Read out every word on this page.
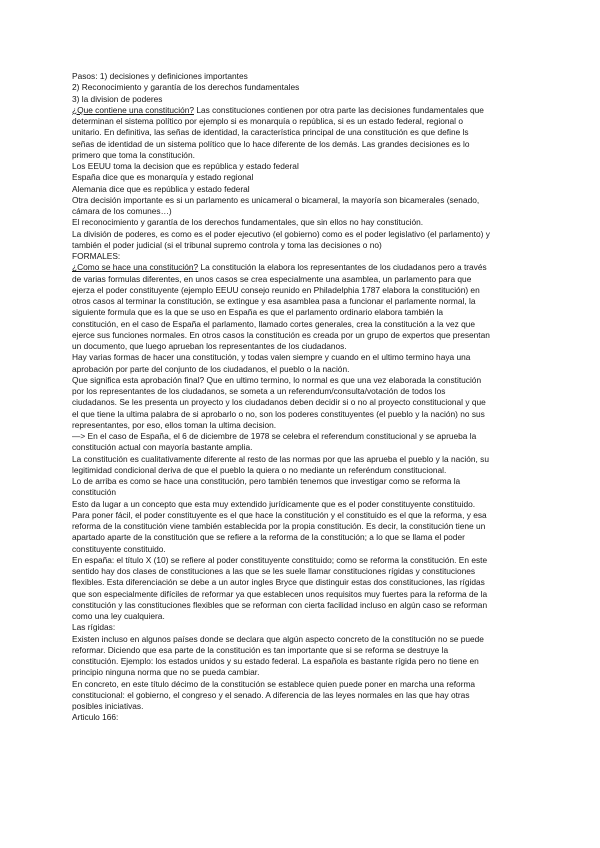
Pasos: 1) decisiones y definiciones importantes
2) Reconocimiento y garantía de los derechos fundamentales
3) la division de poderes
¿Que contiene una constitución? Las constituciones contienen por otra parte las decisiones fundamentales que
determinan el sistema político por ejemplo si es monarquía o república, si es un estado federal, regional o
unitario. En definitiva, las señas de identidad, la característica principal de una constitución es que define ls
señas de identidad de un sistema político que lo hace diferente de los demás. Las grandes decisiones es lo
primero que toma la constitución.
Los EEUU toma la decision que es república y estado federal
España dice que es monarquía y estado regional
Alemania dice que es república y estado federal
Otra decisión importante es si un parlamento es unicameral o bicameral, la mayoría son bicamerales (senado,
cámara de los comunes…)
El reconocimiento y garantía de los derechos fundamentales, que sin ellos no hay constitución.
La división de poderes, es como es el poder ejecutivo (el gobierno) como es el poder legislativo (el parlamento) y
también el poder judicial (si el tribunal supremo controla y toma las decisiones o no)
FORMALES:
¿Como se hace una constitución? La constitución la elabora los representantes de los ciudadanos pero a través
de varias formulas diferentes, en unos casos se crea especialmente una asamblea, un parlamento para que
ejerza el poder constituyente (ejemplo EEUU consejo reunido en Philadelphia 1787 elabora la constitución) en
otros casos al terminar la constitución, se extingue y esa asamblea pasa a funcionar el parlamente normal, la
siguiente formula que es la que se uso en España es que el parlamento ordinario elabora también la
constitución, en el caso de España el parlamento, llamado cortes generales, crea la constitución a la vez que
ejerce sus funciones normales. En otros casos la constitución es creada por un grupo de expertos que presentan
un documento, que luego aprueban los representantes de los ciudadanos.
Hay varias formas de hacer una constitución, y todas valen siempre y cuando en el ultimo termino haya una
aprobación por parte del conjunto de los ciudadanos, el pueblo o la nación.
Que significa esta aprobación final? Que en ultimo termino, lo normal es que una vez elaborada la constitución
por los representantes de los ciudadanos, se someta a un referendum/consulta/votación de todos los
ciudadanos. Se les presenta un proyecto y los ciudadanos deben decidir si o no al proyecto constitucional y que
el que tiene la ultima palabra de si aprobarlo o no, son los poderes constituyentes (el pueblo y la nación) no sus
representantes, por eso, ellos toman la ultima decision.
—> En el caso de España, el 6 de diciembre de 1978 se celebra el referendum constitucional y se aprueba la
constitución actual con mayoría bastante amplia.
La constitución es cualitativamente diferente al resto de las normas por que las aprueba el pueblo y la nación, su
legitimidad condicional deriva de que el pueblo la quiera o no mediante un referéndum constitucional.
Lo de arriba es como se hace una constitución, pero también tenemos que investigar como se reforma la
constitución
Esto da lugar a un concepto que esta muy extendido jurídicamente que es el poder constituyente constituido.
Para poner fácil, el poder constituyente es el que hace la constitución y el constituido es el que la reforma, y esa
reforma de la constitución viene también establecida por la propia constitución. Es decir, la constitución tiene un
apartado aparte de la constitución que se refiere a la reforma de la constitución; a lo que se llama el poder
constituyente constituido.
En españa: el título X (10) se refiere al poder constituyente constituido; como se reforma la constitución. En este
sentido hay dos clases de constituciones a las que se les suele llamar constituciones rígidas y constituciones
flexibles. Esta diferenciación se debe a un autor ingles Bryce que distinguir estas dos constituciones, las rígidas
que son especialmente difíciles de reformar ya que establecen unos requisitos muy fuertes para la reforma de la
constitución y las constituciones flexibles que se reforman con cierta facilidad incluso en algún caso se reforman
como una ley cualquiera.
Las rígidas:
Existen incluso en algunos países donde se declara que algún aspecto concreto de la constitución no se puede
reformar. Diciendo que esa parte de la constitución es tan importante que si se reforma se destruye la
constitución. Ejemplo: los estados unidos y su estado federal. La española es bastante rígida pero no tiene en
principio ninguna norma que no se pueda cambiar.
En concreto, en este título décimo de la constitución se establece quien puede poner en marcha una reforma
constitucional: el gobierno, el congreso y el senado. A diferencia de las leyes normales en las que hay otras
posibles iniciativas.
Articulo 166:
